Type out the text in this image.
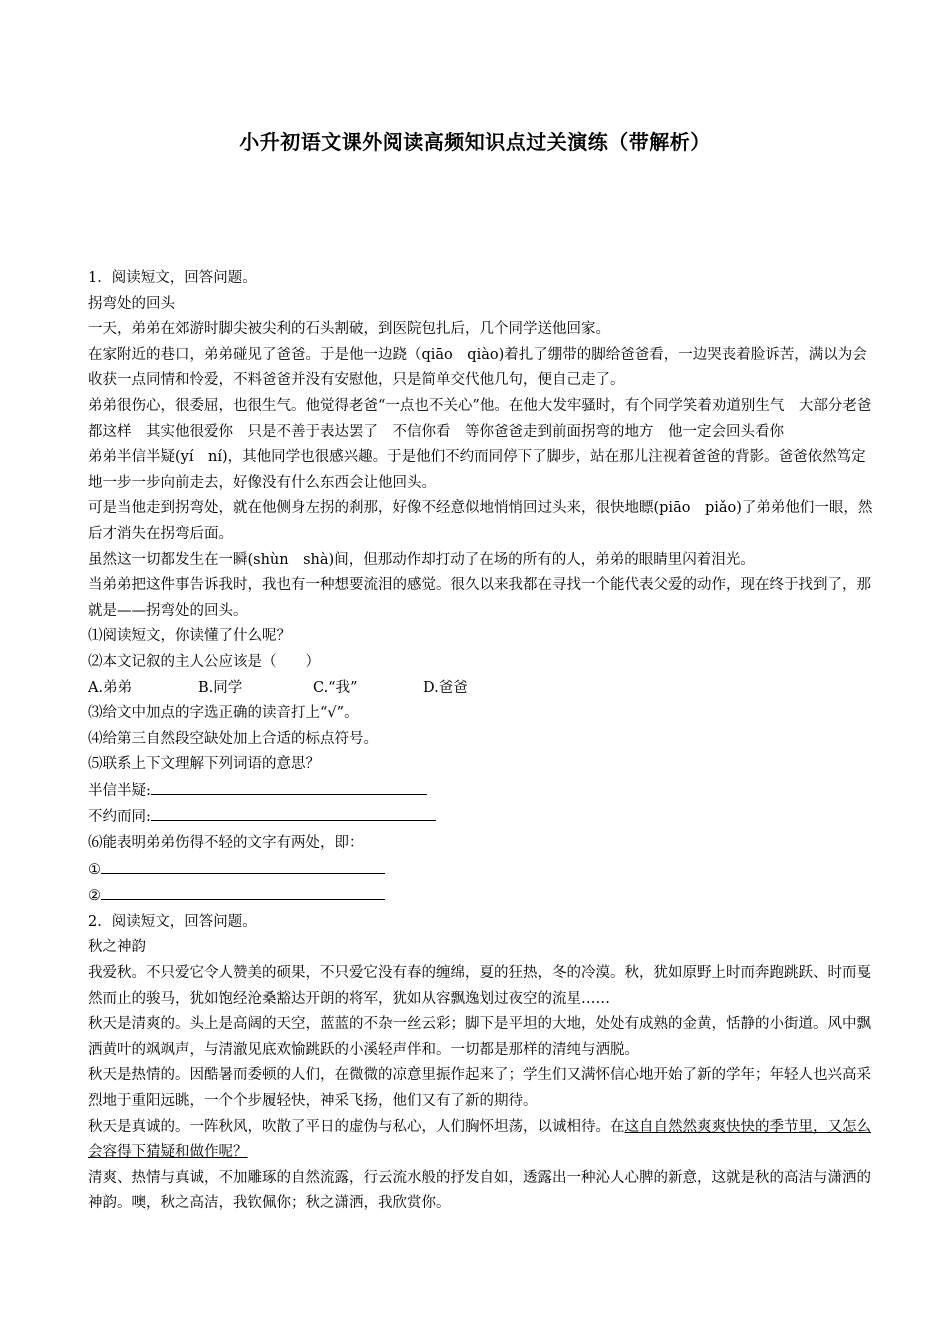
小升初语文课外阅读高频知识点过关演练（带解析）

1．阅读短文，回答问题。

拐弯处的回头

一天，弟弟在郊游时脚尖被尖利的石头割破，到医院包扎后，几个同学送他回家。

在家附近的巷口，弟弟碰见了爸爸。于是他一边跷（qiāo　qiào)着扎了绷带的脚给爸爸看，一边哭丧着脸诉苦，满以为会收获一点同情和怜爱，不料爸爸并没有安慰他，只是简单交代他几句，便自己走了。

弟弟很伤心，很委屈，也很生气。他觉得老爸“一点也不关心”他。在他大发牢骚时，有个同学笑着劝道别生气　大部分老爸都这样　其实他很爱你　只是不善于表达罢了　不信你看　等你爸爸走到前面拐弯的地方　他一定会回头看你

弟弟半信半疑(yí　ní)，其他同学也很感兴趣。于是他们不约而同停下了脚步，站在那儿注视着爸爸的背影。爸爸依然笃定地一步一步向前走去，好像没有什么东西会让他回头。

可是当他走到拐弯处，就在他侧身左拐的刹那，好像不经意似地悄悄回过头来，很快地瞟(piāo　piǎo)了弟弟他们一眼，然后才消失在拐弯后面。

虽然这一切都发生在一瞬(shùn　shà)间，但那动作却打动了在场的所有的人，弟弟的眼睛里闪着泪光。

当弟弟把这件事告诉我时，我也有一种想要流泪的感觉。很久以来我都在寻找一个能代表父爱的动作，现在终于找到了，那就是——拐弯处的回头。

⑴阅读短文，你读懂了什么呢？

⑵本文记叙的主人公应该是（　　）

A.弟弟	B.同学	C.“我”	D.爸爸

⑶给文中加点的字选正确的读音打上“√”。

⑷给第三自然段空缺处加上合适的标点符号。

⑸联系上下文理解下列词语的意思？

半信半疑:

不约而同:

⑹能表明弟弟伤得不轻的文字有两处，即：

①

②

2．阅读短文，回答问题。

秋之神韵

我爱秋。不只爱它令人赞美的硕果，不只爱它没有春的缠绵，夏的狂热，冬的冷漠。秋，犹如原野上时而奔跑跳跃、时而戛然而止的骏马，犹如饱经沧桑豁达开朗的将军，犹如从容飘逸划过夜空的流星……

秋天是清爽的。头上是高阔的天空，蓝蓝的不杂一丝云彩；脚下是平坦的大地，处处有成熟的金黄，恬静的小街道。风中飘洒黄叶的飒飒声，与清澈见底欢愉跳跃的小溪轻声伴和。一切都是那样的清纯与洒脱。

秋天是热情的。因酷暑而委顿的人们，在微微的凉意里振作起来了；学生们又满怀信心地开始了新的学年；年轻人也兴高采烈地于重阳远眺，一个个步履轻快，神采飞扬，他们又有了新的期待。

秋天是真诚的。一阵秋风，吹散了平日的虚伪与私心，人们胸怀坦荡，以诚相待。在这自自然然爽爽快快的季节里，又怎么会容得下猜疑和做作呢？

清爽、热情与真诚，不加雕琢的自然流露，行云流水般的抒发自如，透露出一种沁人心脾的新意，这就是秋的高洁与潇洒的神韵。噢，秋之高洁，我钦佩你；秋之潇洒，我欣赏你。
